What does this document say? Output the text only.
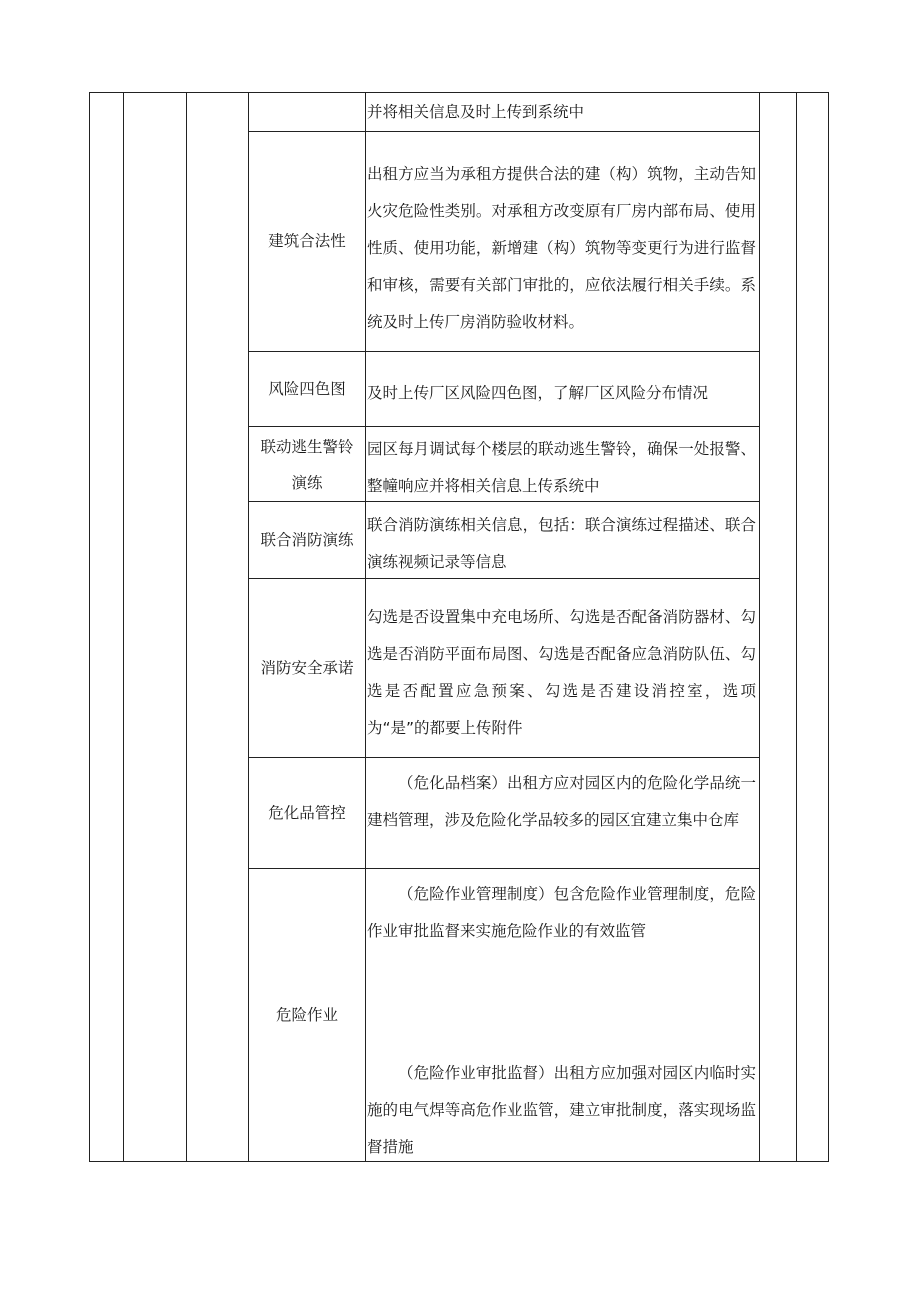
并将相关信息及时上传到系统中
建筑合法性
出租方应当为承租方提供合法的建（构）筑物，主动告知火灾危险性类别。对承租方改变原有厂房内部布局、使用性质、使用功能，新增建（构）筑物等变更行为进行监督和审核，需要有关部门审批的，应依法履行相关手续。系统及时上传厂房消防验收材料。
风险四色图 及时上传厂区风险四色图，了解厂区风险分布情况
联动逃生警铃演练
园区每月调试每个楼层的联动逃生警铃，确保一处报警、整幢响应并将相关信息上传系统中
联合消防演练
联合消防演练相关信息，包括：联合演练过程描述、联合演练视频记录等信息
消防安全承诺
勾选是否设置集中充电场所、勾选是否配备消防器材、勾选是否消防平面布局图、勾选是否配备应急消防队伍、勾选是否配置应急预案、勾选是否建设消控室，选项为“是”的都要上传附件
危化品管控
（危化品档案）出租方应对园区内的危险化学品统一建档管理，涉及危险化学品较多的园区宜建立集中仓库
危险作业
（危险作业管理制度）包含危险作业管理制度，危险作业审批监督来实施危险作业的有效监管
（危险作业审批监督）出租方应加强对园区内临时实施的电气焊等高危作业监管，建立审批制度，落实现场监督措施
